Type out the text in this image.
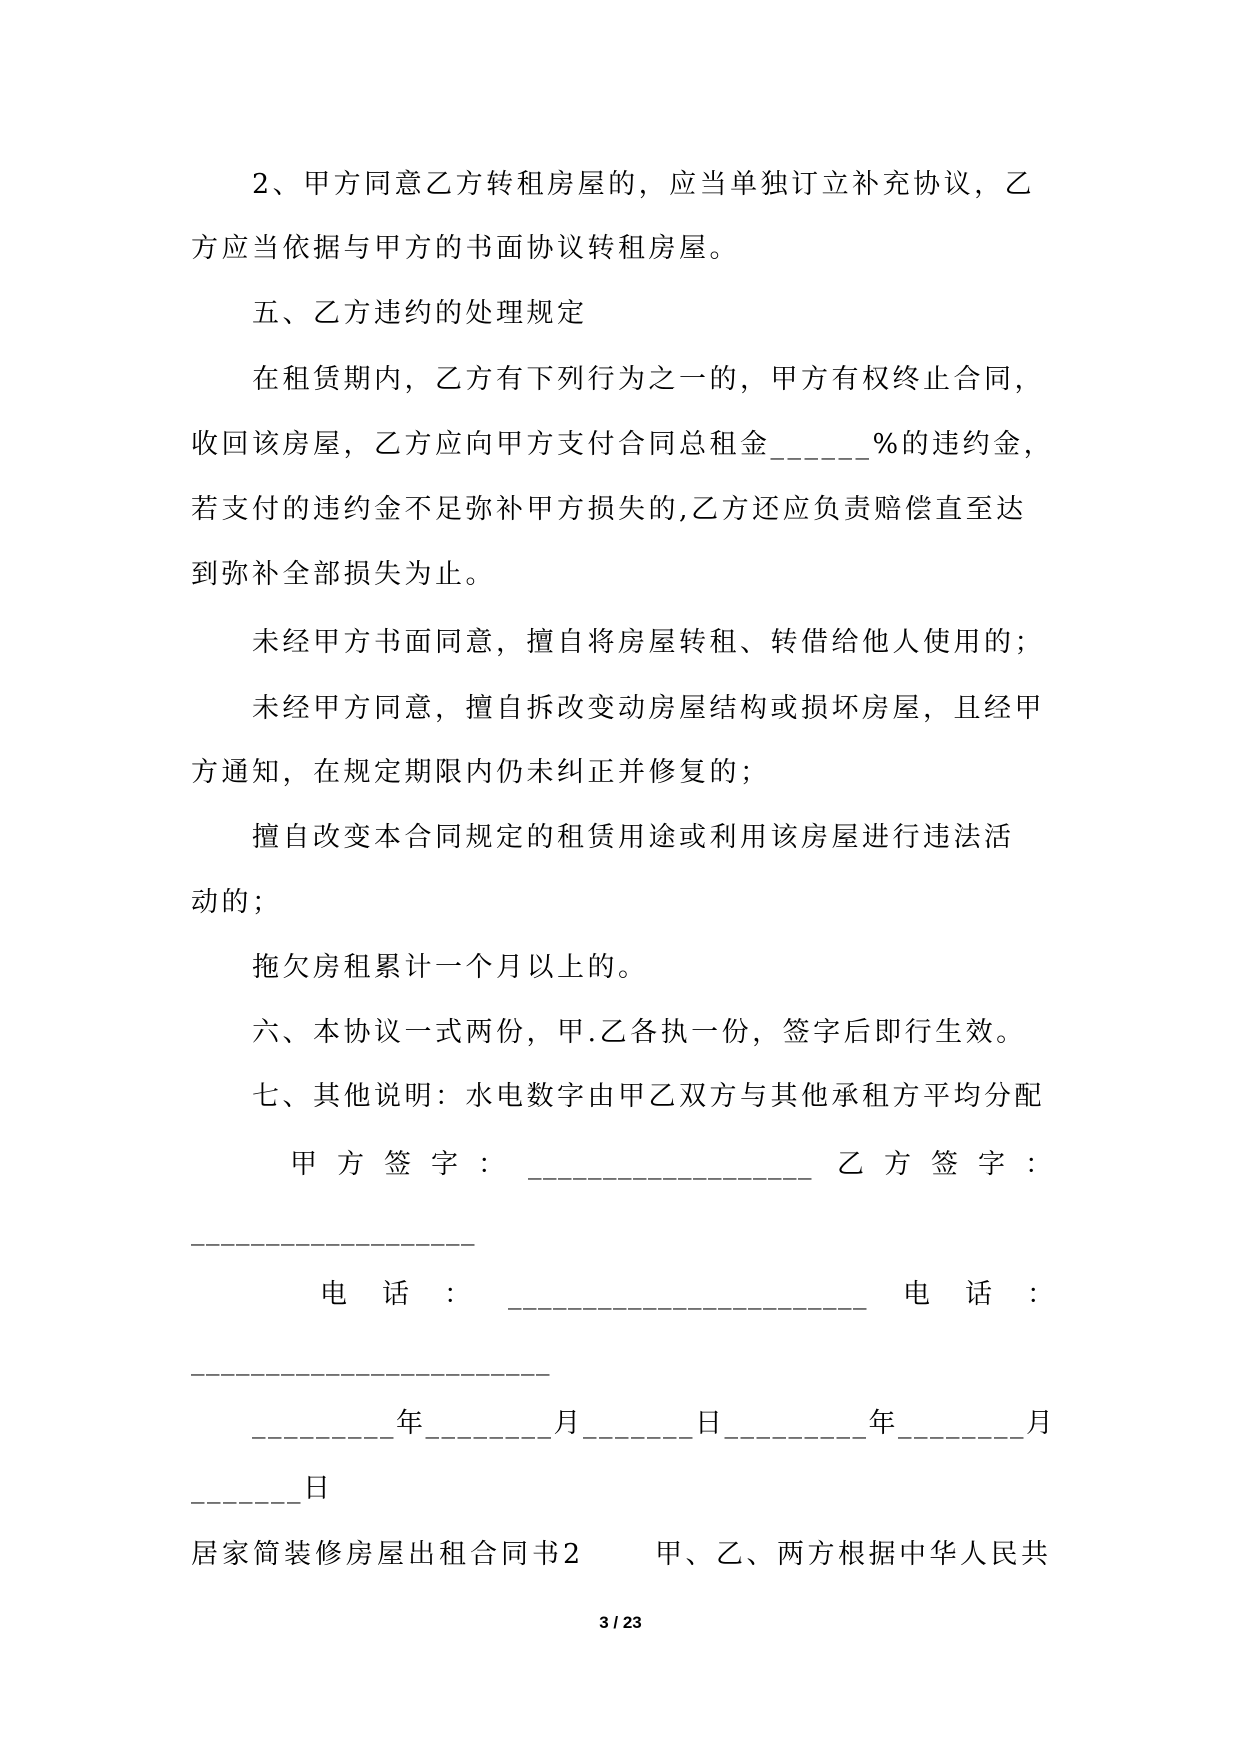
2、甲方同意乙方转租房屋的，应当单独订立补充协议，乙
方应当依据与甲方的书面协议转租房屋。
五、乙方违约的处理规定
在租赁期内，乙方有下列行为之一的，甲方有权终止合同，
收回该房屋，乙方应向甲方支付合同总租金______%的违约金，
若支付的违约金不足弥补甲方损失的,乙方还应负责赔偿直至达
到弥补全部损失为止。
未经甲方书面同意，擅自将房屋转租、转借给他人使用的；
未经甲方同意，擅自拆改变动房屋结构或损坏房屋，且经甲
方通知，在规定期限内仍未纠正并修复的；
擅自改变本合同规定的租赁用途或利用该房屋进行违法活
动的；
拖欠房租累计一个月以上的。
六、本协议一式两份，甲.乙各执一份，签字后即行生效。
七、其他说明：水电数字由甲乙双方与其他承租方平均分配
甲方签字： ___________________ 乙方签字：
___________________
电话： ________________________ 电话：
________________________
_________年________月_______日_________年________月
_______日
居家简装修房屋出租合同书2	甲、乙、两方根据中华人民共
3 / 23
